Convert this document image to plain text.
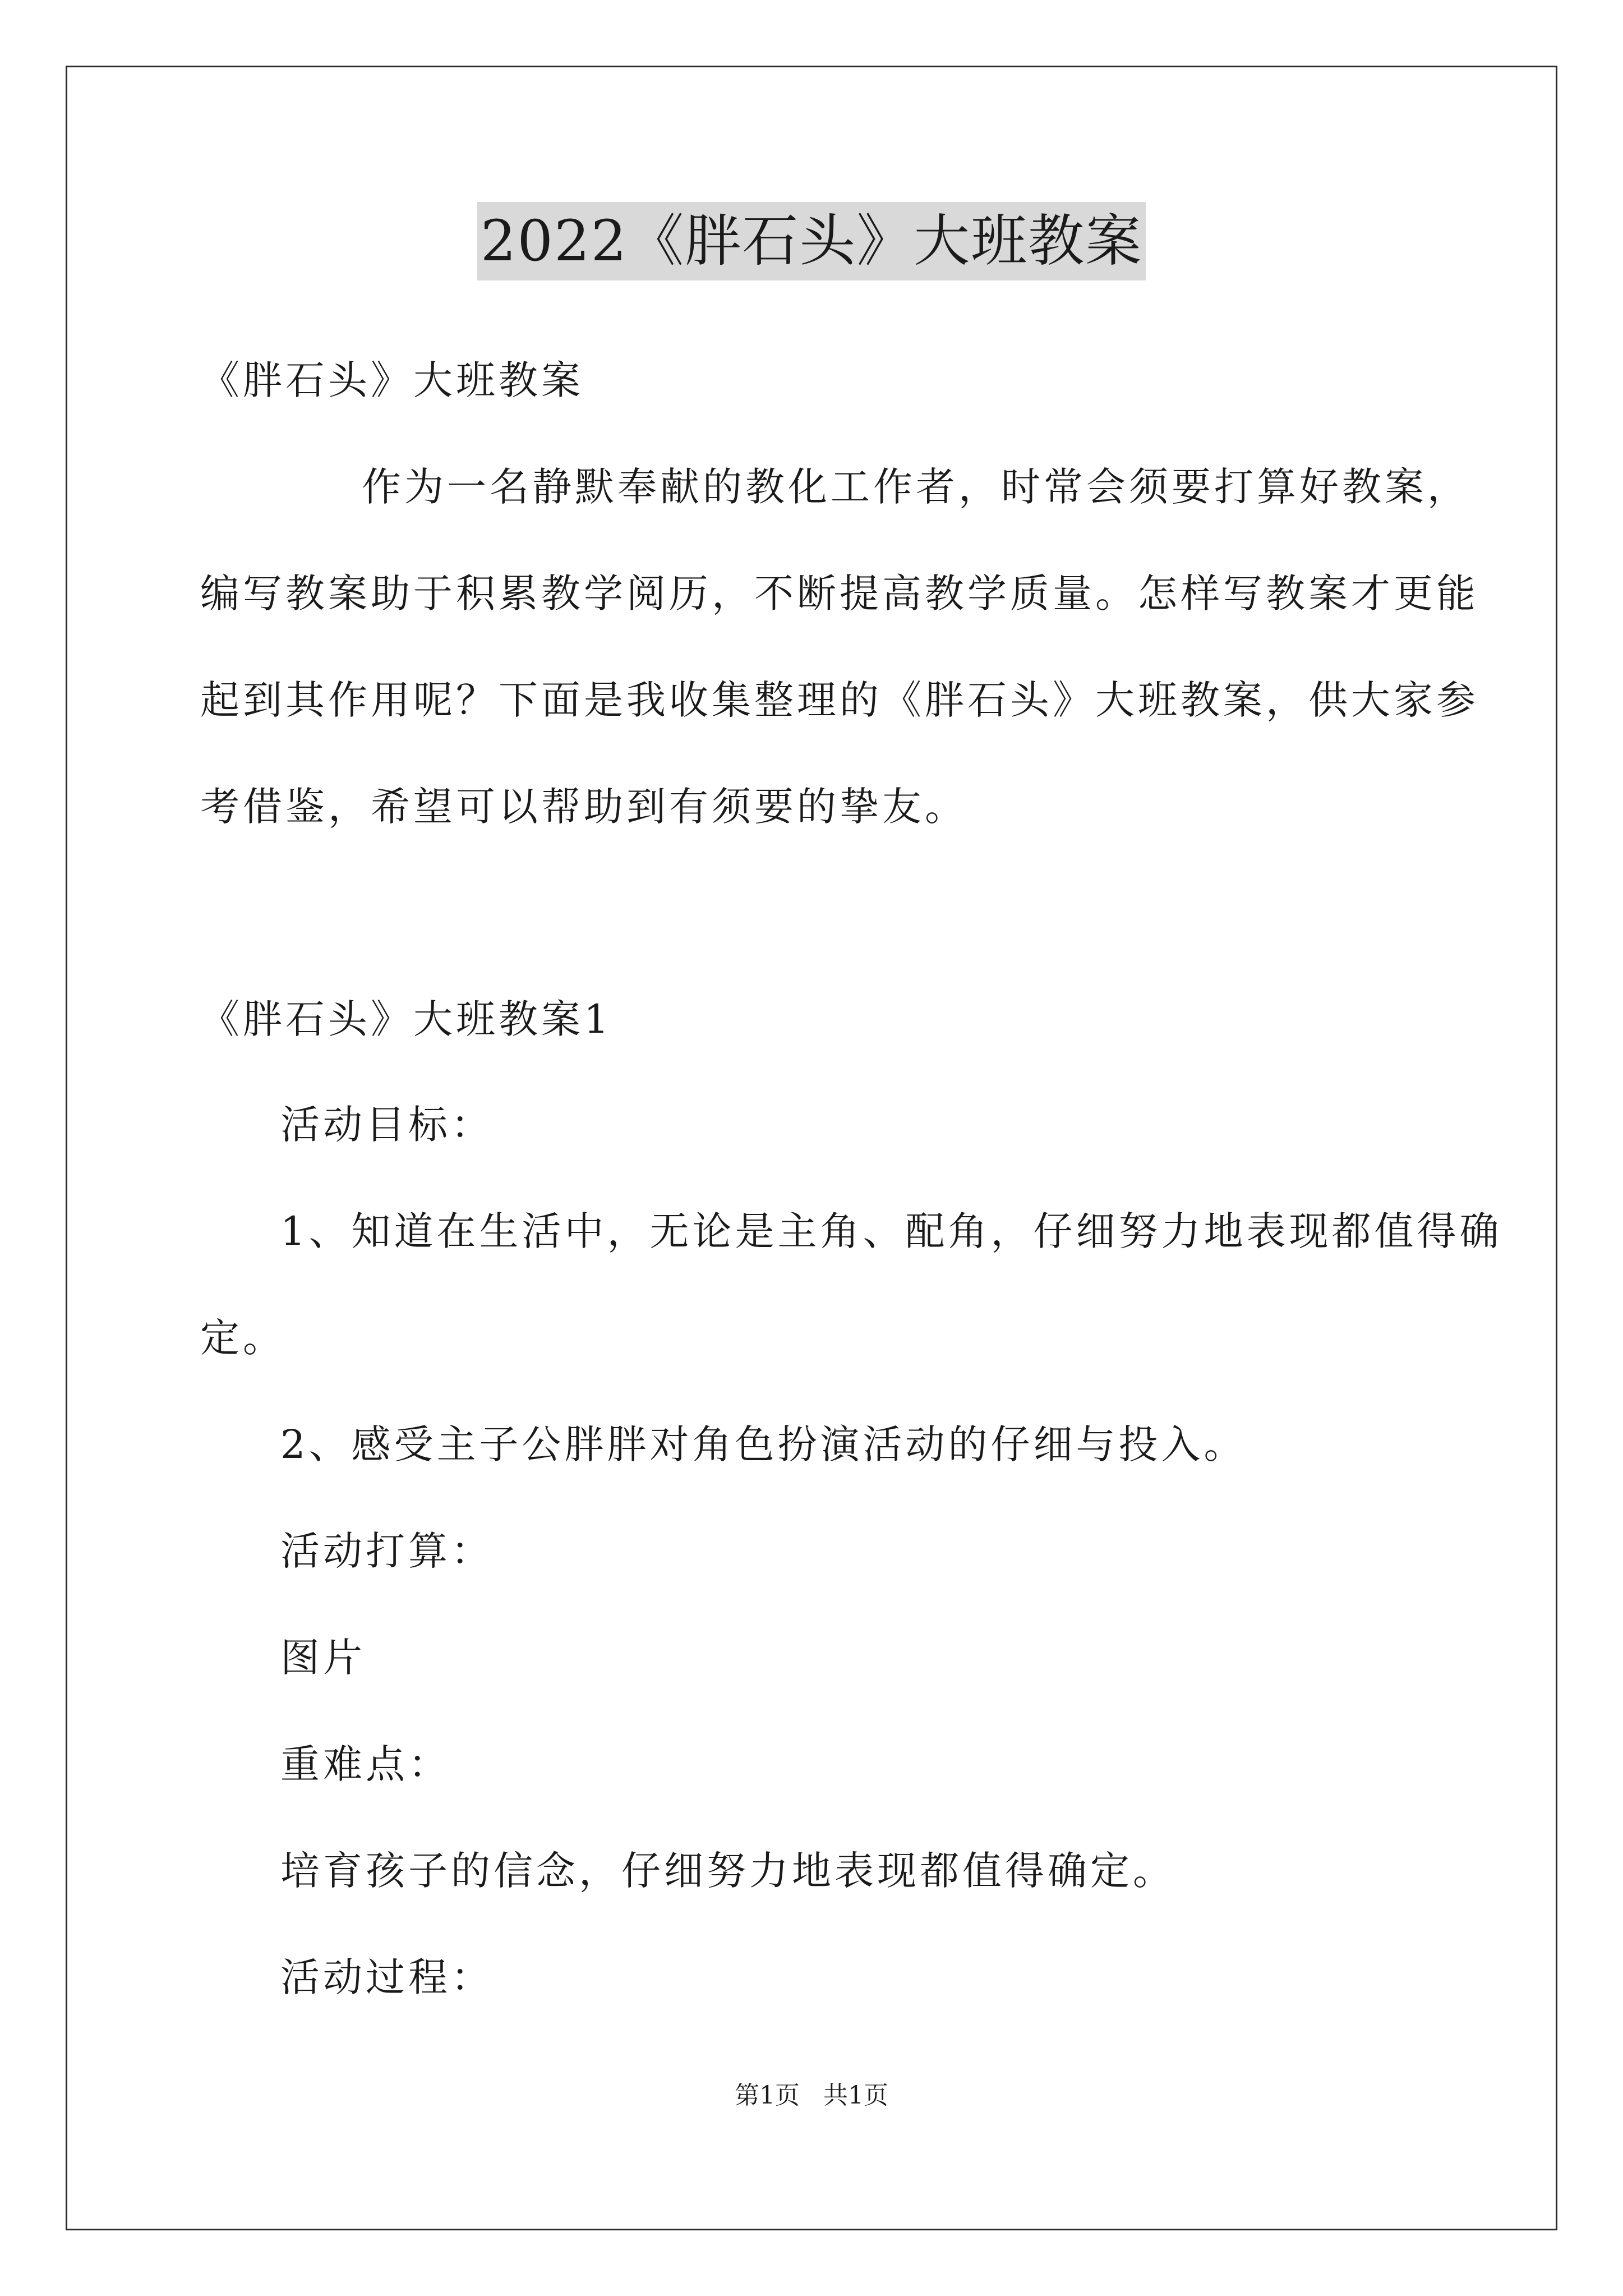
2022《胖石头》大班教案
《胖石头》大班教案
作为一名静默奉献的教化工作者，时常会须要打算好教案，
编写教案助于积累教学阅历，不断提高教学质量。怎样写教案才更能
起到其作用呢？下面是我收集整理的《胖石头》大班教案，供大家参
考借鉴，希望可以帮助到有须要的挚友。
《胖石头》大班教案1
活动目标：
1、知道在生活中，无论是主角、配角，仔细努力地表现都值得确
定。
2、感受主子公胖胖对角色扮演活动的仔细与投入。
活动打算：
图片
重难点：
培育孩子的信念，仔细努力地表现都值得确定。
活动过程：
第1页   共1页
